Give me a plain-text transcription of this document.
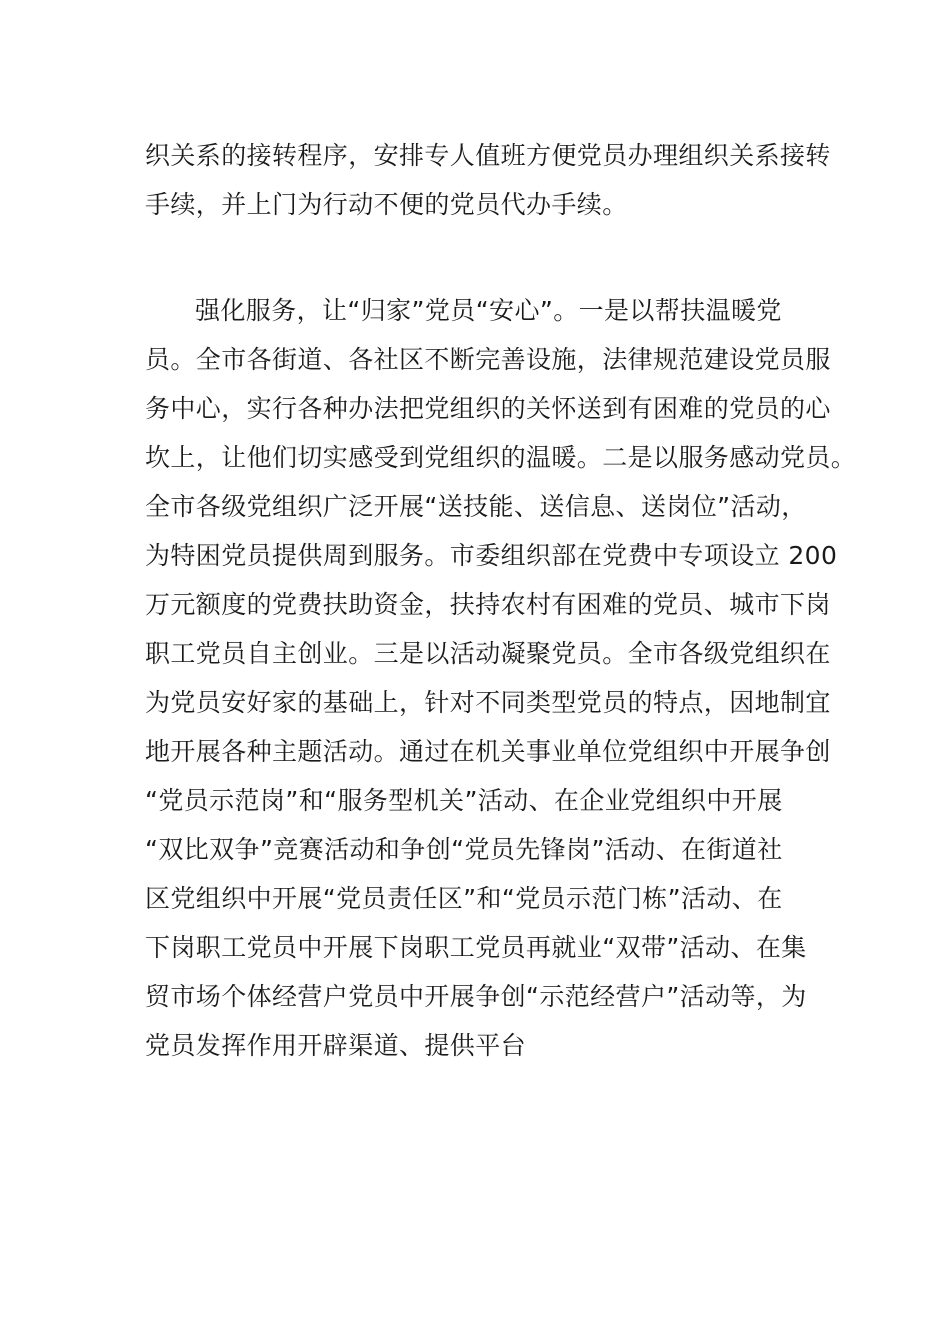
织关系的接转程序，安排专人值班方便党员办理组织关系接转
手续，并上门为行动不便的党员代办手续。
强化服务，让“归家”党员“安心”。一是以帮扶温暖党
员。全市各街道、各社区不断完善设施，法律规范建设党员服
务中心，实行各种办法把党组织的关怀送到有困难的党员的心
坎上，让他们切实感受到党组织的温暖。二是以服务感动党员。
全市各级党组织广泛开展“送技能、送信息、送岗位”活动，
为特困党员提供周到服务。市委组织部在党费中专项设立 200
万元额度的党费扶助资金，扶持农村有困难的党员、城市下岗
职工党员自主创业。三是以活动凝聚党员。全市各级党组织在
为党员安好家的基础上，针对不同类型党员的特点，因地制宜
地开展各种主题活动。通过在机关事业单位党组织中开展争创
“党员示范岗”和“服务型机关”活动、在企业党组织中开展
“双比双争”竞赛活动和争创“党员先锋岗”活动、在街道社
区党组织中开展“党员责任区”和“党员示范门栋”活动、在
下岗职工党员中开展下岗职工党员再就业“双带”活动、在集
贸市场个体经营户党员中开展争创“示范经营户”活动等，为
党员发挥作用开辟渠道、提供平台
